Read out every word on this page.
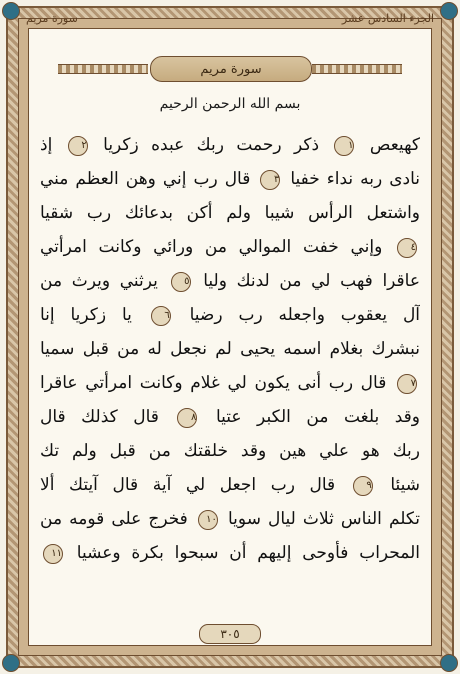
سورة مريم	الجزء السادس عشر
سورة مريم
بسم الله الرحمن الرحيم
كهيعص ١ ذكر رحمت ربك عبده زكريا ٢ إذ
نادى ربه نداء خفيا ٣ قال رب إني وهن العظم مني
واشتعل الرأس شيبا ولم أكن بدعائك رب شقيا
٤ وإني خفت الموالي من ورائي وكانت امرأتي
عاقرا فهب لي من لدنك وليا ٥ يرثني ويرث من
آل يعقوب واجعله رب رضيا ٦ يا زكريا إنا
نبشرك بغلام اسمه يحيى لم نجعل له من قبل سميا
٧ قال رب أنى يكون لي غلام وكانت امرأتي عاقرا
وقد بلغت من الكبر عتيا ٨ قال كذلك قال
ربك هو علي هين وقد خلقتك من قبل ولم تك
شيئا ٩ قال رب اجعل لي آية قال آيتك ألا
تكلم الناس ثلاث ليال سويا ١٠ فخرج على قومه من
المحراب فأوحى إليهم أن سبحوا بكرة وعشيا ١١
٣٠٥
